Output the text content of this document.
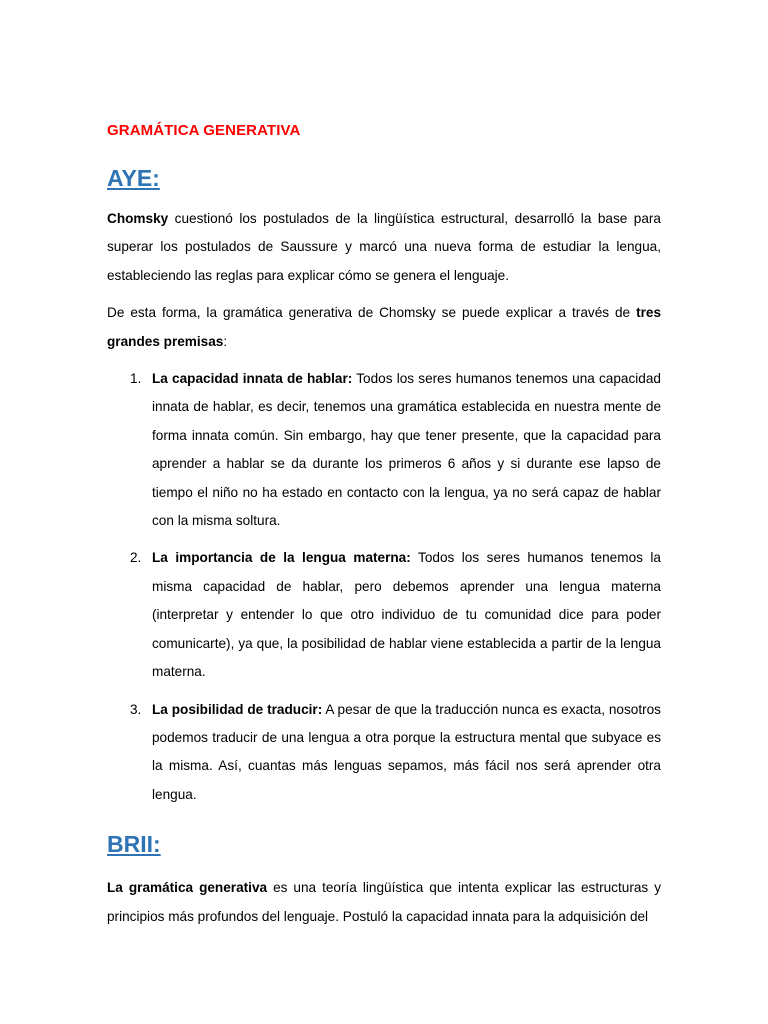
GRAMÁTICA GENERATIVA
AYE:

Chomsky cuestionó los postulados de la lingüística estructural, desarrolló la base para superar los postulados de Saussure y marcó una nueva forma de estudiar la lengua, estableciendo las reglas para explicar cómo se genera el lenguaje.

De esta forma, la gramática generativa de Chomsky se puede explicar a través de tres grandes premisas:

1. La capacidad innata de hablar: Todos los seres humanos tenemos una capacidad innata de hablar, es decir, tenemos una gramática establecida en nuestra mente de forma innata común. Sin embargo, hay que tener presente, que la capacidad para aprender a hablar se da durante los primeros 6 años y si durante ese lapso de tiempo el niño no ha estado en contacto con la lengua, ya no será capaz de hablar con la misma soltura.
2. La importancia de la lengua materna: Todos los seres humanos tenemos la misma capacidad de hablar, pero debemos aprender una lengua materna (interpretar y entender lo que otro individuo de tu comunidad dice para poder comunicarte), ya que, la posibilidad de hablar viene establecida a partir de la lengua materna.
3. La posibilidad de traducir: A pesar de que la traducción nunca es exacta, nosotros podemos traducir de una lengua a otra porque la estructura mental que subyace es la misma. Así, cuantas más lenguas sepamos, más fácil nos será aprender otra lengua.
BRII:

La gramática generativa es una teoría lingüística que intenta explicar las estructuras y principios más profundos del lenguaje. Postuló la capacidad innata para la adquisición del
